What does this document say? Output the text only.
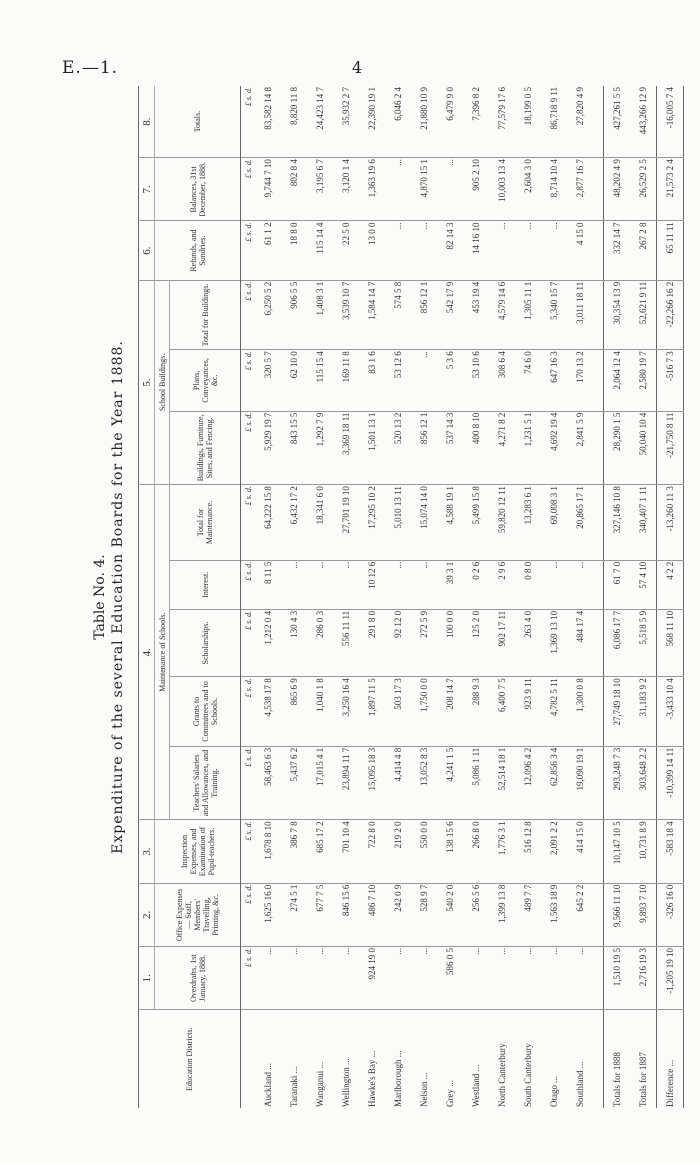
E.—1.	4
Table No. 4. Expenditure of the several Education Boards for the Year 1888.
Education Districts.	1.	2.	3.	4.					5.			6.	7.	8.
	Overdrafts, 1st January, 1888.	Office Expenses— Staff, Members' Travelling, Printing, &c.	Inspection Expenses, and Examination of Pupil-teachers.	Maintenance of Schools.					School Buildings.			Refunds, and Sundries.	Balances, 31st December, 1888.	Totals.
				Teachers' Salaries and Allowances, and Training.	Grants to Committees and to Schools.	Scholarships.	Interest.	Total for Maintenance.	Buildings, Furniture, Sites, and Fencing.	Plans, Conveyances, &c.	Total for Buildings.			
	£ s. d.	£ s. d.	£ s. d.	£ s. d.	£ s. d.	£ s. d.	£ s. d.	£ s. d.	£ s. d.	£ s. d.	£ s. d.	£ s. d.	£ s. d.	£ s. d.
Auckland ...	...	1,625 16 0	1,678 8 10	58,463 6 3	4,538 17 8	1,212 0 4	8 11 5	64,222 15 8	5,929 19 7	320 5 7	6,250 5 2	61 1 2	9,744 7 10	83,582 14 8
Taranaki ...	...	274 5 1	386 7 8	5,437 6 2	865 6 9	130 4 3	...	6,432 17 2	843 15 5	62 10 0	906 5 5	18 8 0	802 8 4	8,820 11 8
Wanganui ...	...	677 7 5	685 17 2	17,015 4 1	1,040 1 8	286 0 3	...	18,341 6 0	1,292 7 9	115 15 4	1,408 3 1	115 14 4	3,195 6 7	24,423 14 7
Wellington ...	...	846 15 6	701 10 4	23,894 11 7	3,250 16 4	556 11 11	...	27,701 19 10	3,369 18 11	169 11 8	3,539 10 7	22 5 0	3,120 1 4	35,932 2 7
Hawke's Bay ...	924 19 0	486 7 10	722 8 0	15,095 18 3	1,897 11 5	291 8 0	10 12 6	17,295 10 2	1,501 13 1	83 1 6	1,584 14 7	13 0 0	1,363 19 6	22,390 19 1
Marlborough ...	...	242 0 9	219 2 0	4,414 4 8	503 17 3	92 12 0	...	5,010 13 11	520 13 2	53 12 6	574 5 8	...	...	6,046 2 4
Nelson ...	...	528 9 7	550 0 0	13,052 8 3	1,750 0 0	272 5 9	...	15,074 14 0	856 12 1	...	856 12 1	...	4,870 15 1	21,880 10 9
Grey ...	586 0 5	540 2 0	138 15 6	4,241 1 5	208 14 7	100 0 0	39 3 1	4,588 19 1	537 14 3	5 3 6	542 17 9	82 14 3	...	6,479 9 0
Westland ...	...	256 5 6	266 8 0	5,086 1 11	288 9 3	125 2 0	0 2 6	5,499 15 8	400 8 10	53 10 6	453 19 4	14 16 10	905 2 10	7,396 8 2
North Canterbury	...	1,399 13 8	1,776 3 1	52,514 18 1	6,400 7 5	902 17 11	2 9 6	59,820 12 11	4,271 8 2	308 6 4	4,579 14 6	...	10,003 13 4	77,579 17 6
South Canterbury	...	489 7 7	516 12 8	12,096 4 2	923 9 11	263 4 0	0 8 0	13,283 6 1	1,231 5 1	74 6 0	1,305 11 1	...	2,604 3 0	18,199 0 5
Otago ...	...	1,563 18 9	2,091 2 2	62,856 3 4	4,782 5 11	1,369 13 10	...	69,008 3 1	4,692 19 4	647 16 3	5,340 15 7	...	8,714 10 4	86,718 9 11
Southland ...	...	645 2 2	414 15 0	19,090 19 1	1,300 0 8	484 17 4	...	20,865 17 1	2,841 5 9	170 13 2	3,011 18 11	4 15 0	2,877 16 7	27,820 4 9

Totals for 1888	1,510 19 5	9,566 11 10	10,147 10 5	293,248 7 3	27,749 18 10	6,086 17 7	61 7 0	327,146 10 8	28,290 1 5	2,064 12 4	30,354 13 9	332 14 7	48,202 4 9	427,261 5 5
Totals for 1887	2,716 19 3	9,893 7 10	10,731 8 9	303,648 2 2	31,183 9 2	5,518 5 9	57 4 10	340,407 1 11	50,040 10 4	2,580 19 7	52,621 9 11	267 2 8	26,529 2 5	443,266 12 9
Difference ...	-1,205 19 10	-326 16 0	-583 18 4	-10,399 14 11	-3,433 10 4	568 11 10	4 2 2	-13,260 11 3	-21,750 8 11	-516 7 3	-22,266 16 2	65 11 11	21,573 2 4	-16,005 7 4
